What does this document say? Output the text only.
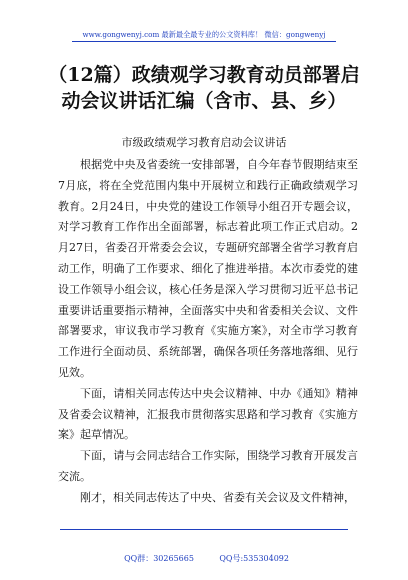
www.gongwenyj.com 最新最全最专业的公文资料库！ 微信：gongwenyj
（12篇）政绩观学习教育动员部署启动会议讲话汇编（含市、县、乡）
市级政绩观学习教育启动会议讲话

根据党中央及省委统一安排部署，自今年春节假期结束至7月底，将在全党范围内集中开展树立和践行正确政绩观学习教育。2月24日，中央党的建设工作领导小组召开专题会议，对学习教育工作作出全面部署，标志着此项工作正式启动。2月27日，省委召开常委会会议，专题研究部署全省学习教育启动工作，明确了工作要求、细化了推进举措。本次市委党的建设工作领导小组会议，核心任务是深入学习贯彻习近平总书记重要讲话重要指示精神，全面落实中央和省委相关会议、文件部署要求，审议我市学习教育《实施方案》，对全市学习教育工作进行全面动员、系统部署，确保各项任务落地落细、见行见效。

下面，请相关同志传达中央会议精神、中办《通知》精神及省委会议精神，汇报我市贯彻落实思路和学习教育《实施方案》起草情况。

下面，请与会同志结合工作实际，围绕学习教育开展发言交流。

刚才，相关同志传达了中央、省委有关会议及文件精神，

QQ群：30265665          QQ号:535304092
